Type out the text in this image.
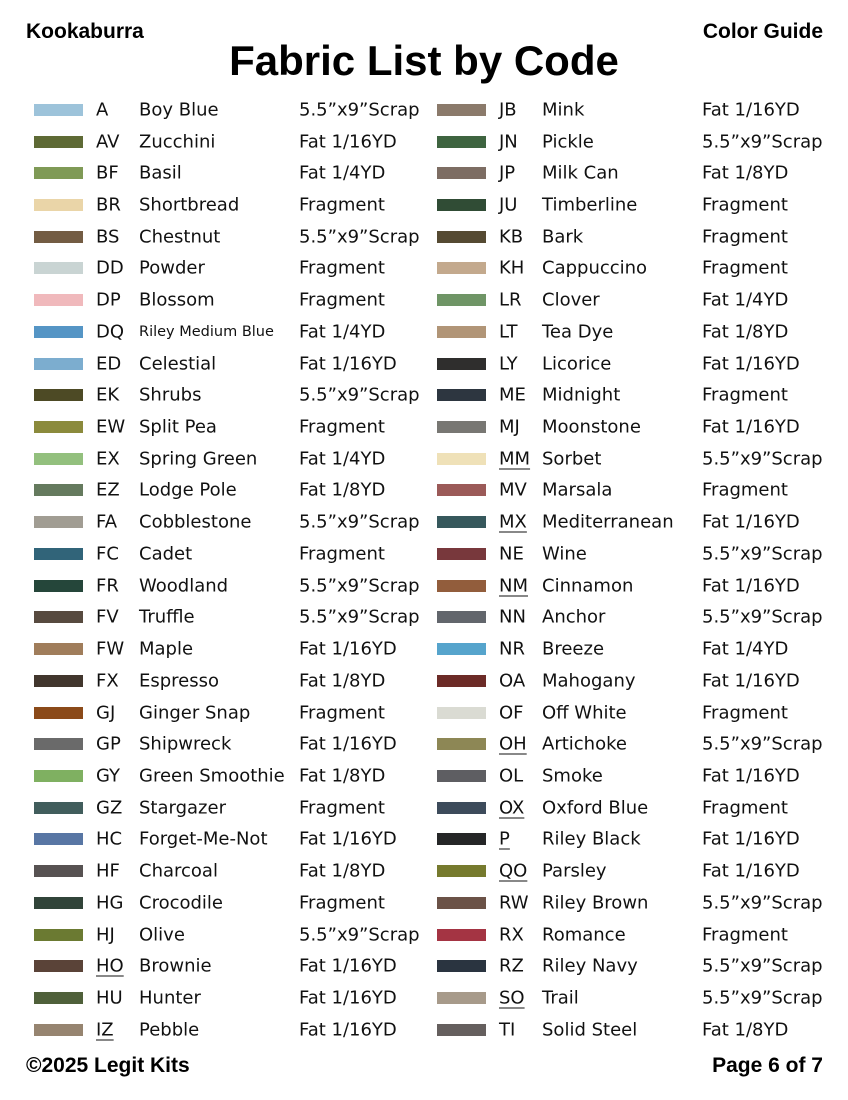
Kookaburra	Color Guide
Fabric List by Code
A Boy Blue	5.5”x9”Scrap
AV Zucchini	Fat 1/16YD
BF Basil	Fat 1/4YD
BR Shortbread	Fragment
BS Chestnut	5.5”x9”Scrap
DD Powder	Fragment
DP Blossom	Fragment
DQ Riley Medium Blue Fat 1/4YD
ED Celestial	Fat 1/16YD
EK Shrubs	5.5”x9”Scrap
EW Split Pea	Fragment
EX Spring Green Fat 1/4YD
EZ Lodge Pole	Fat 1/8YD
FA Cobblestone	5.5”x9”Scrap
FC Cadet	Fragment
FR Woodland	5.5”x9”Scrap
FV Truffle	5.5”x9”Scrap
FW Maple	Fat 1/16YD
FX Espresso	Fat 1/8YD
GJ Ginger Snap	Fragment
GP Shipwreck	Fat 1/16YD
GY Green Smoothie Fat 1/8YD
GZ Stargazer	Fragment
HC Forget-Me-Not Fat 1/16YD
HF Charcoal	Fat 1/8YD
HG Crocodile	Fragment
HJ Olive	5.5”x9”Scrap
HO Brownie	Fat 1/16YD
HU Hunter	Fat 1/16YD
IZ Pebble	Fat 1/16YD
JB Mink	Fat 1/16YD
JN Pickle	5.5”x9”Scrap
JP Milk Can	Fat 1/8YD
JU Timberline	Fragment
KB Bark	Fragment
KH Cappuccino	Fragment
LR Clover	Fat 1/4YD
LT Tea Dye	Fat 1/8YD
LY Licorice	Fat 1/16YD
ME Midnight	Fragment
MJ Moonstone	Fat 1/16YD
MM Sorbet	5.5”x9”Scrap
MV Marsala	Fragment
MX Mediterranean Fat 1/16YD
NE Wine	5.5”x9”Scrap
NM Cinnamon	Fat 1/16YD
NN Anchor	5.5”x9”Scrap
NR Breeze	Fat 1/4YD
OA Mahogany	Fat 1/16YD
OF Off White	Fragment
OH Artichoke	5.5”x9”Scrap
OL Smoke	Fat 1/16YD
OX Oxford Blue	Fragment
P Riley Black	Fat 1/16YD
QO Parsley	Fat 1/16YD
RW Riley Brown	5.5”x9”Scrap
RX Romance	Fragment
RZ Riley Navy	5.5”x9”Scrap
SO Trail	5.5”x9”Scrap
TI Solid Steel	Fat 1/8YD
©2025 Legit Kits	Page 6 of 7
